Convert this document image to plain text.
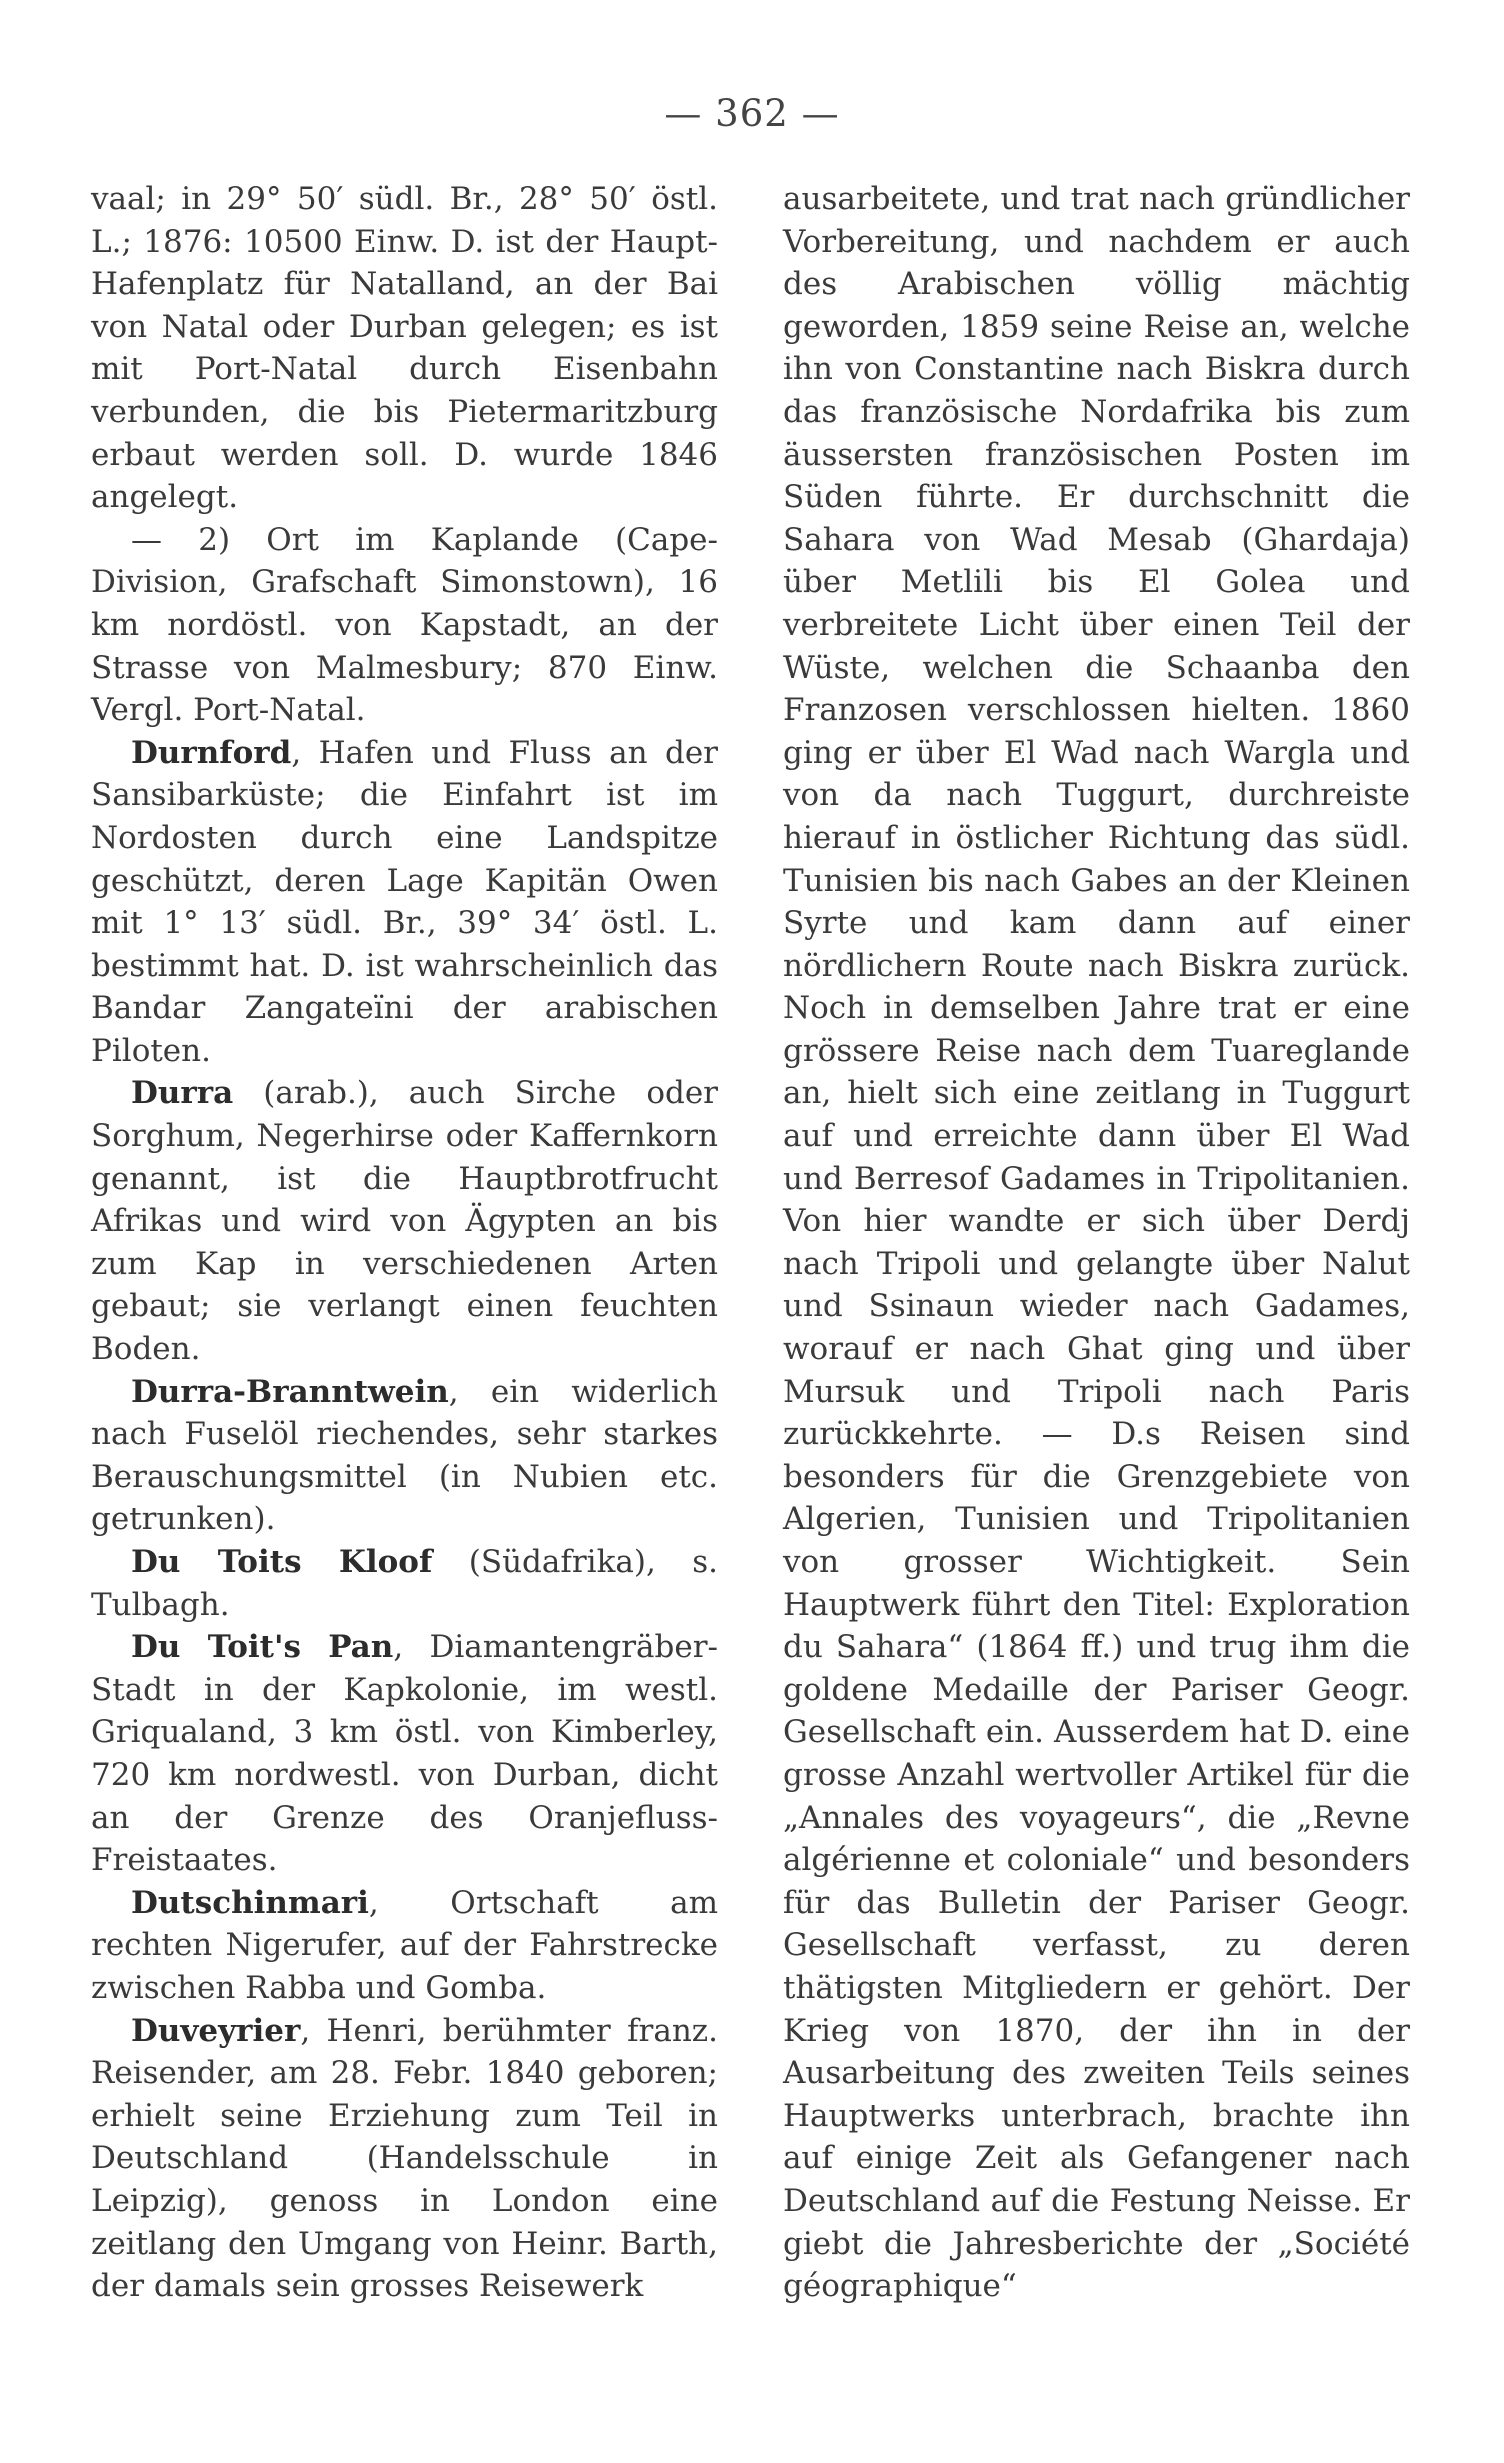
— 362 —

vaal; in 29° 50′ südl. Br., 28° 50′ östl. L.; 1876: 10500 Einw. D. ist der Haupt-Hafenplatz für Natalland, an der Bai von Natal oder Durban gelegen; es ist mit Port-Natal durch Eisenbahn verbunden, die bis Pietermaritzburg erbaut werden soll. D. wurde 1846 angelegt.

— 2) Ort im Kaplande (Cape-Division, Grafschaft Simonstown), 16 km nordöstl. von Kapstadt, an der Strasse von Malmesbury; 870 Einw. Vergl. Port-Natal.

Durnford, Hafen und Fluss an der Sansibarküste; die Einfahrt ist im Nordosten durch eine Landspitze geschützt, deren Lage Kapitän Owen mit 1° 13′ südl. Br., 39° 34′ östl. L. bestimmt hat. D. ist wahrscheinlich das Bandar Zangateïni der arabischen Piloten.

Durra (arab.), auch Sirche oder Sorghum, Negerhirse oder Kaffernkorn genannt, ist die Hauptbrotfrucht Afrikas und wird von Ägypten an bis zum Kap in verschiedenen Arten gebaut; sie verlangt einen feuchten Boden.

Durra-Branntwein, ein widerlich nach Fuselöl riechendes, sehr starkes Berauschungsmittel (in Nubien etc. getrunken).

Du Toits Kloof (Südafrika), s. Tulbagh.

Du Toit's Pan, Diamantengräber-Stadt in der Kapkolonie, im westl. Griqualand, 3 km östl. von Kimberley, 720 km nordwestl. von Durban, dicht an der Grenze des Oranjefluss-Freistaates.

Dutschinmari, Ortschaft am rechten Nigerufer, auf der Fahrstrecke zwischen Rabba und Gomba.

Duveyrier, Henri, berühmter franz. Reisender, am 28. Febr. 1840 geboren; erhielt seine Erziehung zum Teil in Deutschland (Handelsschule in Leipzig), genoss in London eine zeitlang den Umgang von Heinr. Barth, der damals sein grosses Reisewerk

ausarbeitete, und trat nach gründlicher Vorbereitung, und nachdem er auch des Arabischen völlig mächtig geworden, 1859 seine Reise an, welche ihn von Constantine nach Biskra durch das französische Nordafrika bis zum äussersten französischen Posten im Süden führte. Er durchschnitt die Sahara von Wad Mesab (Ghardaja) über Metlili bis El Golea und verbreitete Licht über einen Teil der Wüste, welchen die Schaanba den Franzosen verschlossen hielten. 1860 ging er über El Wad nach Wargla und von da nach Tuggurt, durchreiste hierauf in östlicher Richtung das südl. Tunisien bis nach Gabes an der Kleinen Syrte und kam dann auf einer nördlichern Route nach Biskra zurück. Noch in demselben Jahre trat er eine grössere Reise nach dem Tuareglande an, hielt sich eine zeitlang in Tuggurt auf und erreichte dann über El Wad und Berresof Gadames in Tripolitanien. Von hier wandte er sich über Derdj nach Tripoli und gelangte über Nalut und Ssinaun wieder nach Gadames, worauf er nach Ghat ging und über Mursuk und Tripoli nach Paris zurückkehrte. — D.s Reisen sind besonders für die Grenzgebiete von Algerien, Tunisien und Tripolitanien von grosser Wichtigkeit. Sein Hauptwerk führt den Titel: Exploration du Sahara“ (1864 ff.) und trug ihm die goldene Medaille der Pariser Geogr. Gesellschaft ein. Ausserdem hat D. eine grosse Anzahl wertvoller Artikel für die „Annales des voyageurs“, die „Revne algérienne et coloniale“ und besonders für das Bulletin der Pariser Geogr. Gesellschaft verfasst, zu deren thätigsten Mitgliedern er gehört. Der Krieg von 1870, der ihn in der Ausarbeitung des zweiten Teils seines Hauptwerks unterbrach, brachte ihn auf einige Zeit als Gefangener nach Deutschland auf die Festung Neisse. Er giebt die Jahresberichte der „Société géographique“
